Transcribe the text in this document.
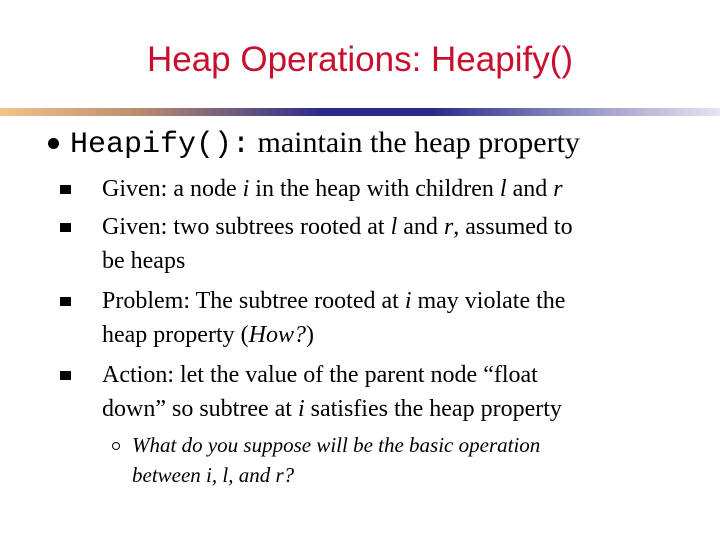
Heap Operations: Heapify()
Heapify(): maintain the heap property
Given: a node i in the heap with children l and r
Given: two subtrees rooted at l and r, assumed to
be heaps
Problem: The subtree rooted at i may violate the
heap property (How?)
Action: let the value of the parent node “float
down” so subtree at i satisfies the heap property
What do you suppose will be the basic operation
between i, l, and r?
